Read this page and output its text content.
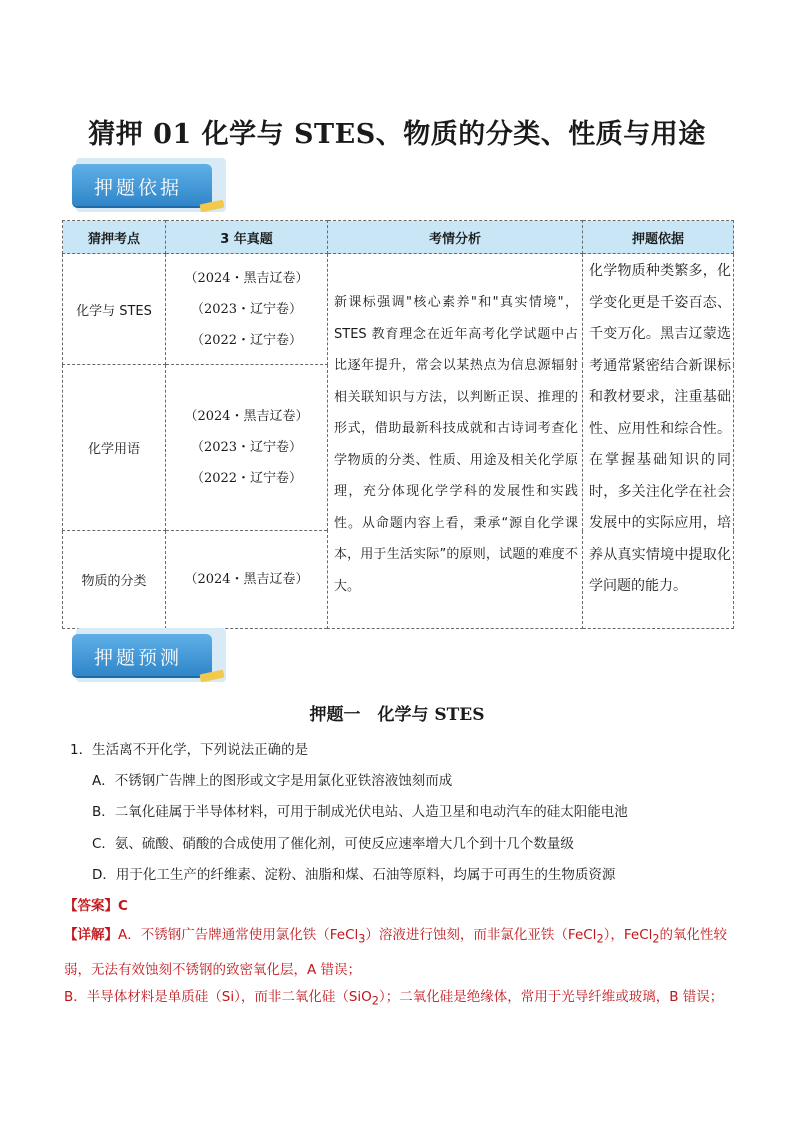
猜押 01 化学与 STES、物质的分类、性质与用途
押题依据
猜押考点	3 年真题	考情分析	押题依据
化学与 STES	（2024・黑吉辽卷）
（2023・辽宁卷）
（2022・辽宁卷）	新课标强调"核心素养"和"真实情境"，STES 教育理念在近年高考化学试题中占比逐年提升，常会以某热点为信息源辐射相关联知识与方法，以判断正误、推理的形式，借助最新科技成就和古诗词考查化学物质的分类、性质、用途及相关化学原理，充分体现化学学科的发展性和实践性。从命题内容上看，秉承“源自化学课本，用于生活实际”的原则，试题的难度不大。	化学物质种类繁多，化学变化更是千姿百态、千变万化。黑吉辽蒙选考通常紧密结合新课标和教材要求，注重基础性、应用性和综合性。在掌握基础知识的同时，多关注化学在社会发展中的实际应用，培养从真实情境中提取化学问题的能力。
化学用语	（2024・黑吉辽卷）
（2023・辽宁卷）
（2022・辽宁卷）		

物质的分类	（2024・黑吉辽卷）		
押题预测
押题一　化学与 STES
1．生活离不开化学，下列说法正确的是
A．不锈钢广告牌上的图形或文字是用氯化亚铁溶液蚀刻而成
B．二氧化硅属于半导体材料，可用于制成光伏电站、人造卫星和电动汽车的硅太阳能电池
C．氨、硫酸、硝酸的合成使用了催化剂，可使反应速率增大几个到十几个数量级
D．用于化工生产的纤维素、淀粉、油脂和煤、石油等原料，均属于可再生的生物质资源
【答案】C
【详解】A．不锈钢广告牌通常使用氯化铁（FeCl$_3$）溶液进行蚀刻，而非氯化亚铁（FeCl$_2$），FeCl$_2$的氧化性较弱，无法有效蚀刻不锈钢的致密氧化层，A 错误；
B．半导体材料是单质硅（Si），而非二氧化硅（SiO$_2$）；二氧化硅是绝缘体，常用于光导纤维或玻璃，B 错误；
